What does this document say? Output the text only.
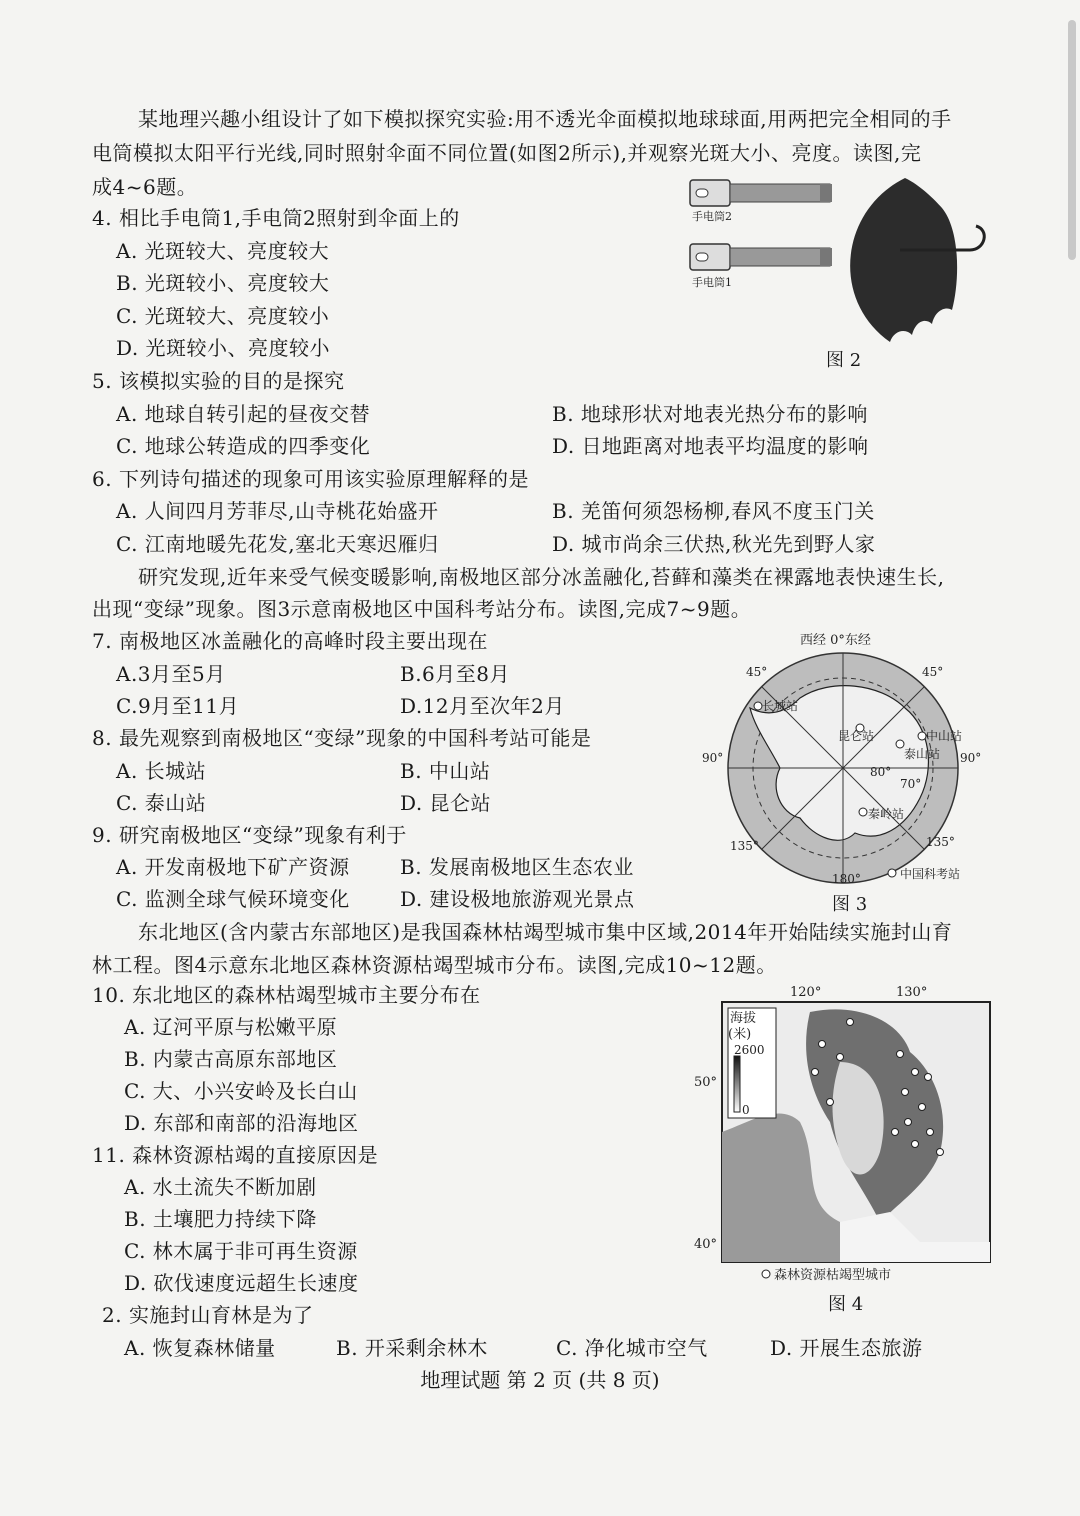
某地理兴趣小组设计了如下模拟探究实验:用不透光伞面模拟地球球面,用两把完全相同的手
电筒模拟太阳平行光线,同时照射伞面不同位置(如图2所示),并观察光斑大小、亮度。读图,完
成4~6题。
4. 相比手电筒1,手电筒2照射到伞面上的
A. 光斑较大、亮度较大
B. 光斑较小、亮度较大
C. 光斑较大、亮度较小
D. 光斑较小、亮度较小
手电筒2
手电筒1
图 2
5. 该模拟实验的目的是探究
A. 地球自转引起的昼夜交替	B. 地球形状对地表光热分布的影响
C. 地球公转造成的四季变化	D. 日地距离对地表平均温度的影响
6. 下列诗句描述的现象可用该实验原理解释的是
A. 人间四月芳菲尽,山寺桃花始盛开	B. 羌笛何须怨杨柳,春风不度玉门关
C. 江南地暖先花发,塞北天寒迟雁归	D. 城市尚余三伏热,秋光先到野人家
研究发现,近年来受气候变暖影响,南极地区部分冰盖融化,苔藓和藻类在裸露地表快速生长,
出现“变绿”现象。图3示意南极地区中国科考站分布。读图,完成7~9题。
7. 南极地区冰盖融化的高峰时段主要出现在
A.3月至5月	B.6月至8月
C.9月至11月	D.12月至次年2月
8. 最先观察到南极地区“变绿”现象的中国科考站可能是
A. 长城站	B. 中山站
C. 泰山站	D. 昆仑站
9. 研究南极地区“变绿”现象有利于
A. 开发南极地下矿产资源	B. 发展南极地区生态农业
C. 监测全球气候环境变化	D. 建设极地旅游观光景点
西经 0°东经
长城站
昆仑站	中山站
泰山站
秦岭站
80°
70°
45°	45°
90°	90°
135°	135°
180°	中国科考站
图 3
东北地区(含内蒙古东部地区)是我国森林枯竭型城市集中区域,2014年开始陆续实施封山育
林工程。图4示意东北地区森林资源枯竭型城市分布。读图,完成10~12题。
10. 东北地区的森林枯竭型城市主要分布在
A. 辽河平原与松嫩平原
B. 内蒙古高原东部地区
C. 大、小兴安岭及长白山
D. 东部和南部的沿海地区
11. 森林资源枯竭的直接原因是
A. 水土流失不断加剧
B. 土壤肥力持续下降
C. 林木属于非可再生资源
D. 砍伐速度远超生长速度
2. 实施封山育林是为了
A. 恢复森林储量	B. 开采剩余林木	C. 净化城市空气	D. 开展生态旅游
120°	130°
50°
40°
海拔
(米)
2600
0
森林资源枯竭型城市
图 4
地理试题 第 2 页 (共 8 页)
